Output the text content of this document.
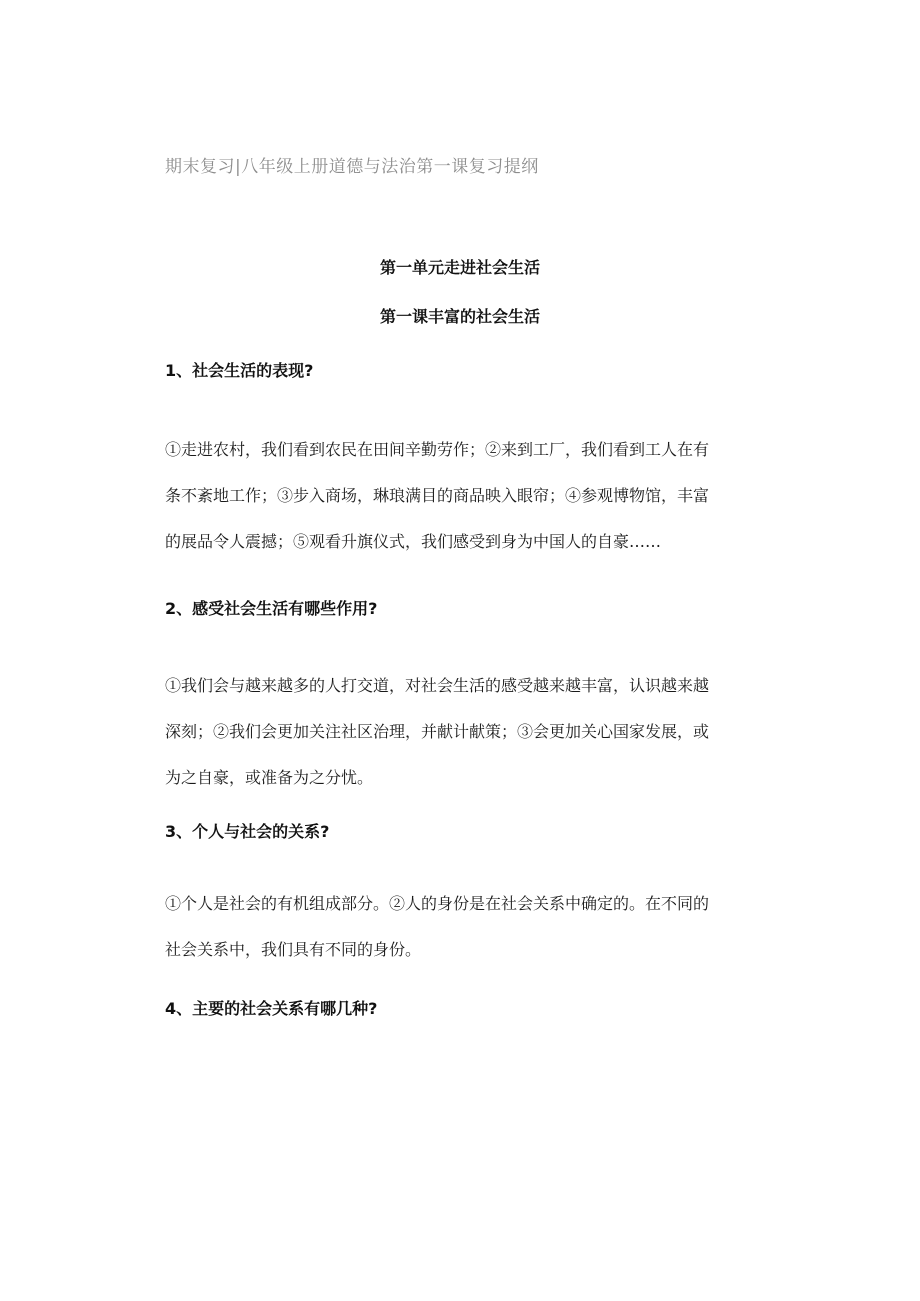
期末复习|八年级上册道德与法治第一课复习提纲
第一单元走进社会生活
第一课丰富的社会生活
1、社会生活的表现?
①走进农村，我们看到农民在田间辛勤劳作；②来到工厂，我们看到工人在有
条不紊地工作；③步入商场，琳琅满目的商品映入眼帘；④参观博物馆，丰富
的展品令人震撼；⑤观看升旗仪式，我们感受到身为中国人的自豪……
2、感受社会生活有哪些作用?
①我们会与越来越多的人打交道，对社会生活的感受越来越丰富，认识越来越
深刻；②我们会更加关注社区治理，并献计献策；③会更加关心国家发展，或
为之自豪，或准备为之分忧。
3、个人与社会的关系?
①个人是社会的有机组成部分。②人的身份是在社会关系中确定的。在不同的
社会关系中，我们具有不同的身份。
4、主要的社会关系有哪几种?
